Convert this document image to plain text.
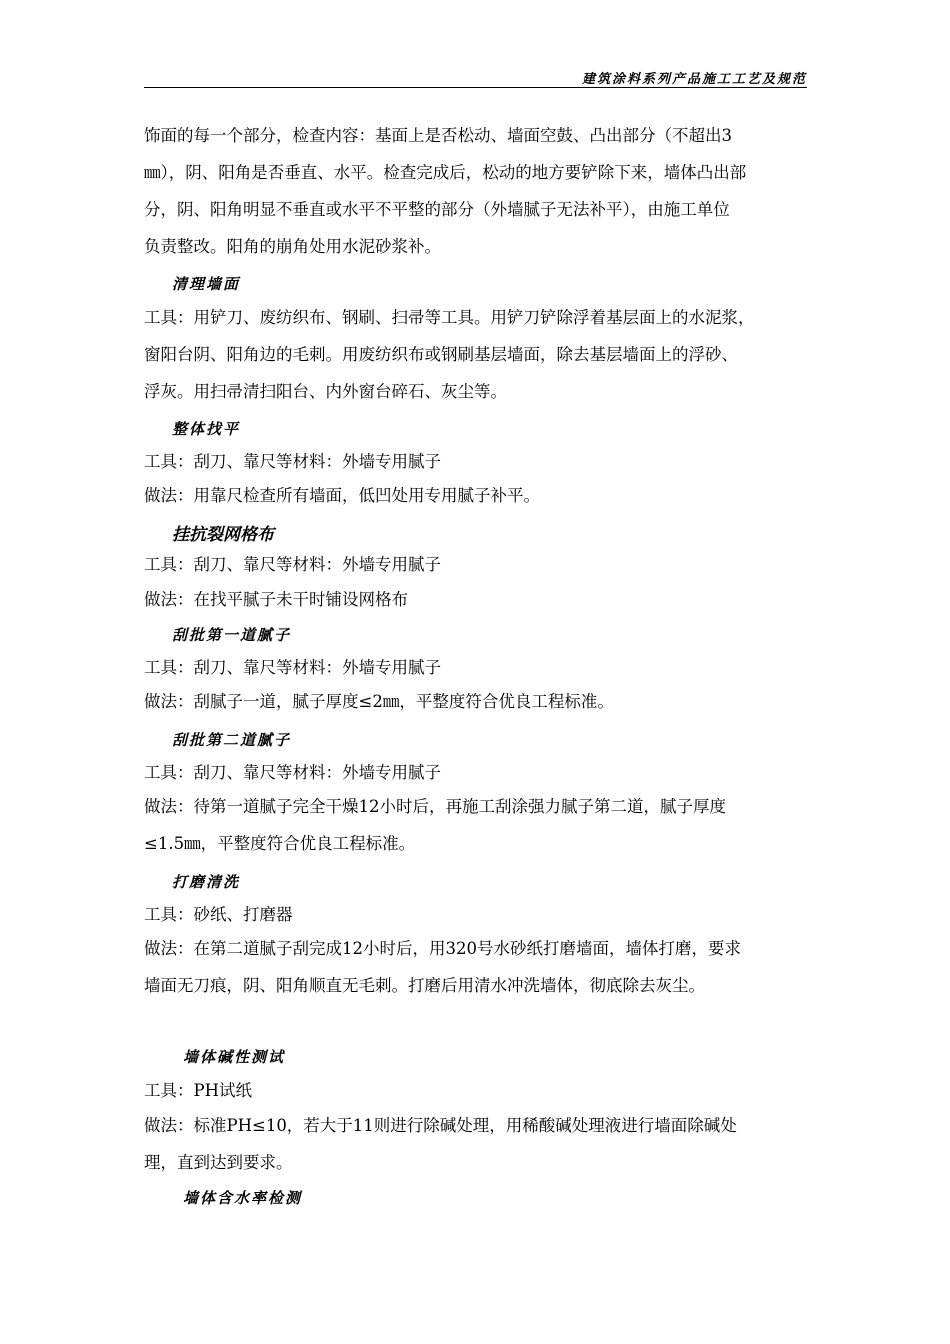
建筑涂料系列产品施工工艺及规范
饰面的每一个部分，检查内容：基面上是否松动、墙面空鼓、凸出部分（不超出3
㎜），阴、阳角是否垂直、水平。检查完成后，松动的地方要铲除下来，墙体凸出部
分，阴、阳角明显不垂直或水平不平整的部分（外墙腻子无法补平），由施工单位
负责整改。阳角的崩角处用水泥砂浆补。
清理墙面
工具：用铲刀、废纺织布、钢刷、扫帚等工具。用铲刀铲除浮着基层面上的水泥浆，
窗阳台阴、阳角边的毛刺。用废纺织布或钢刷基层墙面，除去基层墙面上的浮砂、
浮灰。用扫帚清扫阳台、内外窗台碎石、灰尘等。
整体找平
工具：刮刀、靠尺等材料：外墙专用腻子
做法：用靠尺检查所有墙面，低凹处用专用腻子补平。
挂抗裂网格布
工具：刮刀、靠尺等材料：外墙专用腻子
做法：在找平腻子未干时铺设网格布
刮批第一道腻子
工具：刮刀、靠尺等材料：外墙专用腻子
做法：刮腻子一道，腻子厚度≤2㎜，平整度符合优良工程标准。
刮批第二道腻子
工具：刮刀、靠尺等材料：外墙专用腻子
做法：待第一道腻子完全干燥12小时后，再施工刮涂强力腻子第二道，腻子厚度
≤1.5㎜，平整度符合优良工程标准。
打磨清洗
工具：砂纸、打磨器
做法：在第二道腻子刮完成12小时后，用320号水砂纸打磨墙面，墙体打磨，要求
墙面无刀痕，阴、阳角顺直无毛刺。打磨后用清水冲洗墙体，彻底除去灰尘。
墙体碱性测试
工具：PH试纸
做法：标准PH≤10，若大于11则进行除碱处理，用稀酸碱处理液进行墙面除碱处
理，直到达到要求。
墙体含水率检测
